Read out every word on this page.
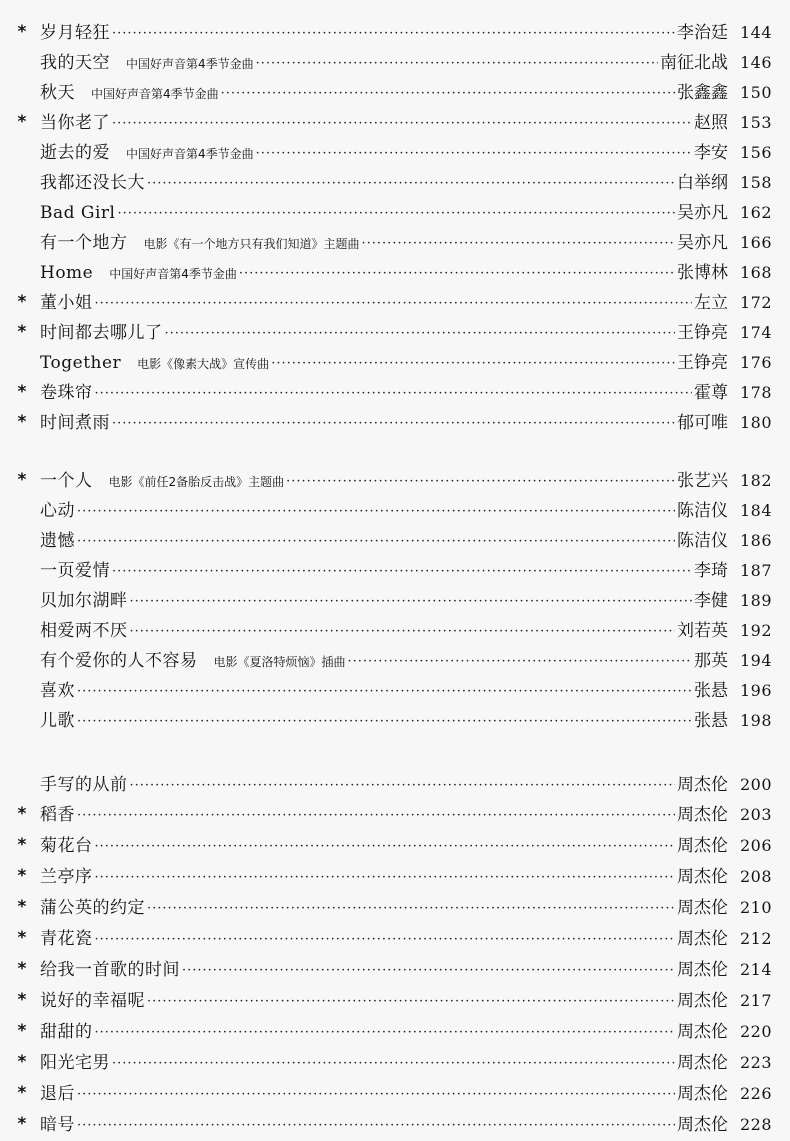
* 岁月轻狂 ·····	李治廷 144
我的天空 中国好声音第4季节金曲 ·····	南征北战 146
秋天 中国好声音第4季节金曲 ·····	张鑫鑫 150
* 当你老了 ·····	赵照 153
逝去的爱 中国好声音第4季节金曲 ·····	李安 156
我都还没长大 ·····	白举纲 158
Bad Girl ·····	吴亦凡 162
有一个地方 电影《有一个地方只有我们知道》主题曲 ·····	吴亦凡 166
Home 中国好声音第4季节金曲 ·····	张博林 168
* 董小姐 ·····	左立 172
* 时间都去哪儿了 ·····	王铮亮 174
Together 电影《像素大战》宣传曲 ·····	王铮亮 176
* 卷珠帘 ·····	霍尊 178
* 时间煮雨 ·····	郁可唯 180
* 一个人 电影《前任2备胎反击战》主题曲 ·····	张艺兴 182
心动 ·····	陈洁仪 184
遗憾 ·····	陈洁仪 186
一页爱情 ·····	李琦 187
贝加尔湖畔 ·····	李健 189
相爱两不厌 ·····	刘若英 192
有个爱你的人不容易 电影《夏洛特烦恼》插曲 ·····	那英 194
喜欢 ·····	张悬 196
儿歌 ·····	张悬 198
手写的从前 ·····	周杰伦 200
* 稻香 ·····	周杰伦 203
* 菊花台 ·····	周杰伦 206
* 兰亭序 ·····	周杰伦 208
* 蒲公英的约定 ·····	周杰伦 210
* 青花瓷 ·····	周杰伦 212
* 给我一首歌的时间 ·····	周杰伦 214
* 说好的幸福呢 ·····	周杰伦 217
* 甜甜的 ·····	周杰伦 220
* 阳光宅男 ·····	周杰伦 223
* 退后 ·····	周杰伦 226
* 暗号 ·····	周杰伦 228
